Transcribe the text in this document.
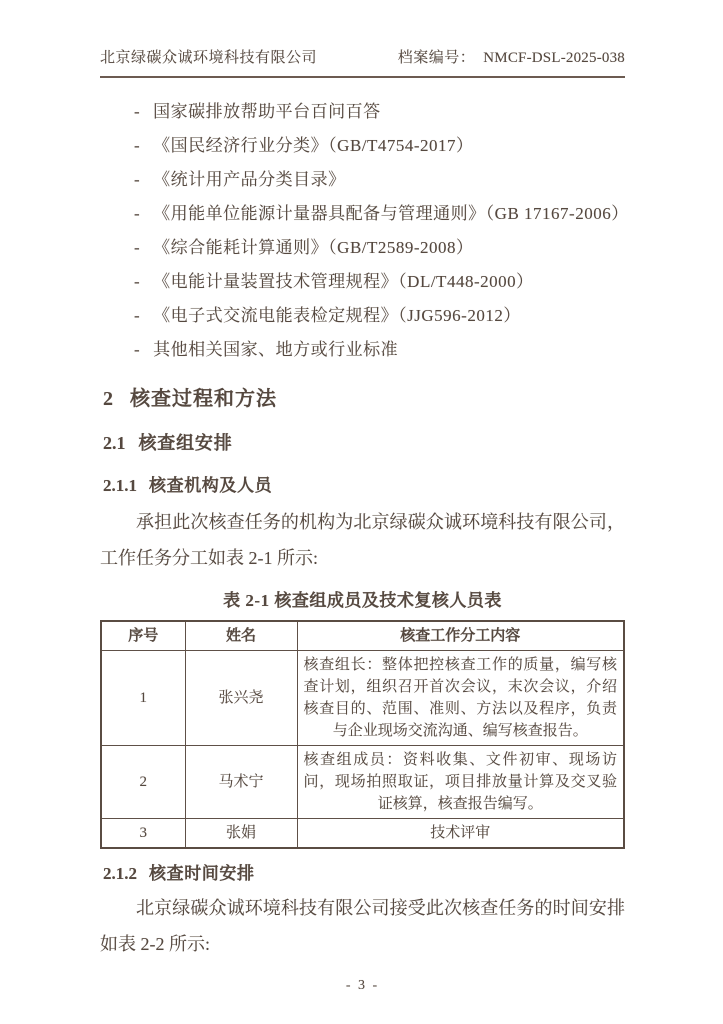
北京绿碳众诚环境科技有限公司	档案编号： NMCF-DSL-2025-038
- 国家碳排放帮助平台百问百答
- 《国民经济行业分类》（GB/T4754-2017）
- 《统计用产品分类目录》
- 《用能单位能源计量器具配备与管理通则》（GB 17167-2006）
- 《综合能耗计算通则》（GB/T2589-2008）
- 《电能计量装置技术管理规程》（DL/T448-2000）
- 《电子式交流电能表检定规程》（JJG596-2012）
- 其他相关国家、地方或行业标准
2 核查过程和方法
2.1 核查组安排
2.1.1 核查机构及人员

承担此次核查任务的机构为北京绿碳众诚环境科技有限公司，工作任务分工如表 2-1 所示:

表 2-1 核查组成员及技术复核人员表
序号	姓名	核查工作分工内容
1	张兴尧	核查组长：整体把控核查工作的质量，编写核查计划，组织召开首次会议，末次会议，介绍核查目的、范围、准则、方法以及程序，负责与企业现场交流沟通、编写核查报告。
2	马术宁	核查组成员：资料收集、文件初审、现场访问，现场拍照取证，项目排放量计算及交叉验证核算，核查报告编写。
3	张娟	技术评审
2.1.2 核查时间安排

北京绿碳众诚环境科技有限公司接受此次核查任务的时间安排如表 2-2 所示:

- 3 -
